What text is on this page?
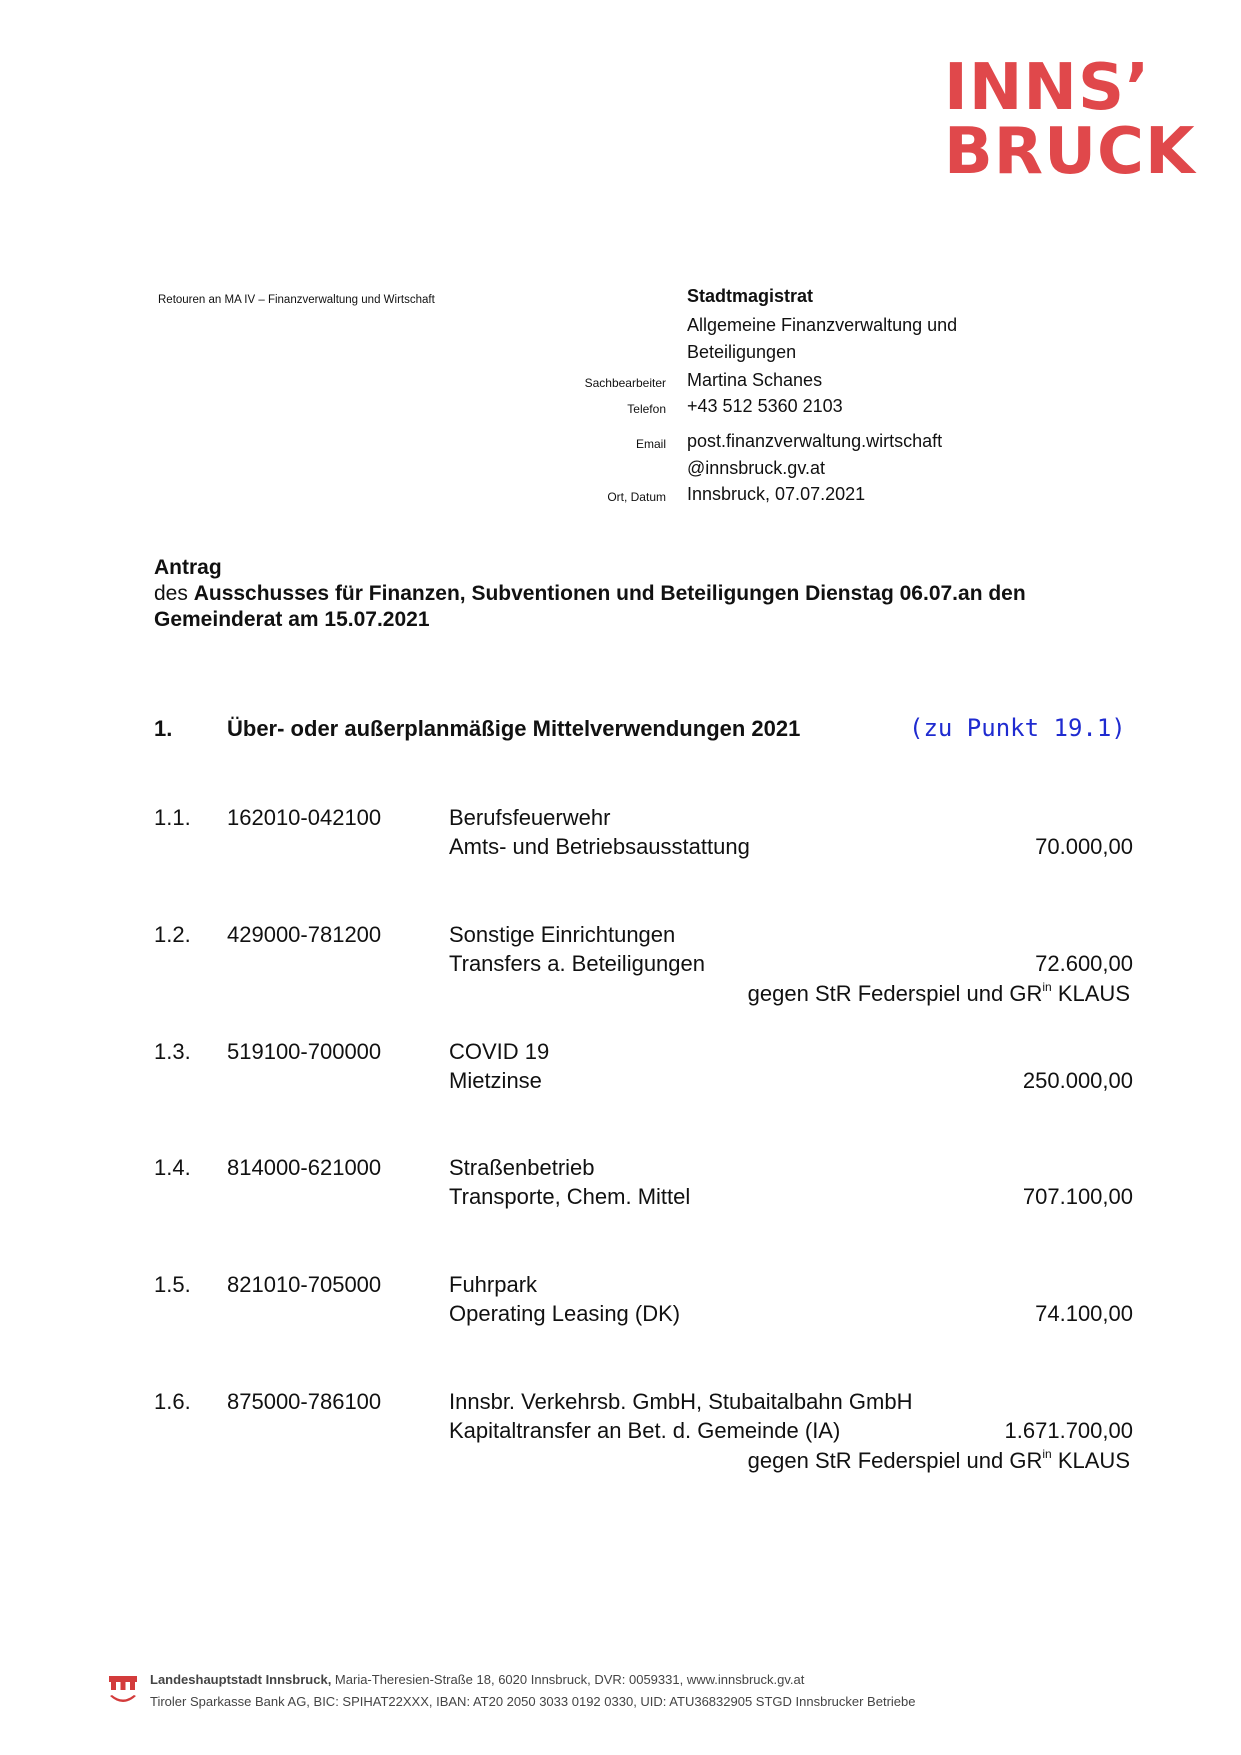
INNS’
BRUCK
Retouren an MA IV – Finanzverwaltung und Wirtschaft	Stadtmagistrat
Allgemeine Finanzverwaltung und
Beteiligungen
Sachbearbeiter Martina Schanes
Telefon +43 512 5360 2103
Email post.finanzverwaltung.wirtschaft
@innsbruck.gv.at
Ort, Datum Innsbruck, 07.07.2021
Antrag
des Ausschusses für Finanzen, Subventionen und Beteiligungen Dienstag 06.07.an den
Gemeinderat am 15.07.2021
1. Über- oder außerplanmäßige Mittelverwendungen 2021	(zu Punkt 19.1)
1.1. 162010-042100	Berufsfeuerwehr
Amts- und Betriebsausstattung	70.000,00
1.2. 429000-781200	Sonstige Einrichtungen
Transfers a. Beteiligungen	72.600,00
gegen StR Federspiel und $GR^{in}$ KLAUS
1.3. 519100-700000	COVID 19
Mietzinse	250.000,00
1.4. 814000-621000	Straßenbetrieb
Transporte, Chem. Mittel	707.100,00
1.5. 821010-705000	Fuhrpark
Operating Leasing (DK)	74.100,00
1.6. 875000-786100	Innsbr. Verkehrsb. GmbH, Stubaitalbahn GmbH
Kapitaltransfer an Bet. d. Gemeinde (IA)	1.671.700,00
gegen StR Federspiel und $GR^{in}$ KLAUS
Landeshauptstadt Innsbruck, Maria-Theresien-Straße 18, 6020 Innsbruck, DVR: 0059331, www.innsbruck.gv.at
Tiroler Sparkasse Bank AG, BIC: SPIHAT22XXX, IBAN: AT20 2050 3033 0192 0330, UID: ATU36832905 STGD Innsbrucker Betriebe
